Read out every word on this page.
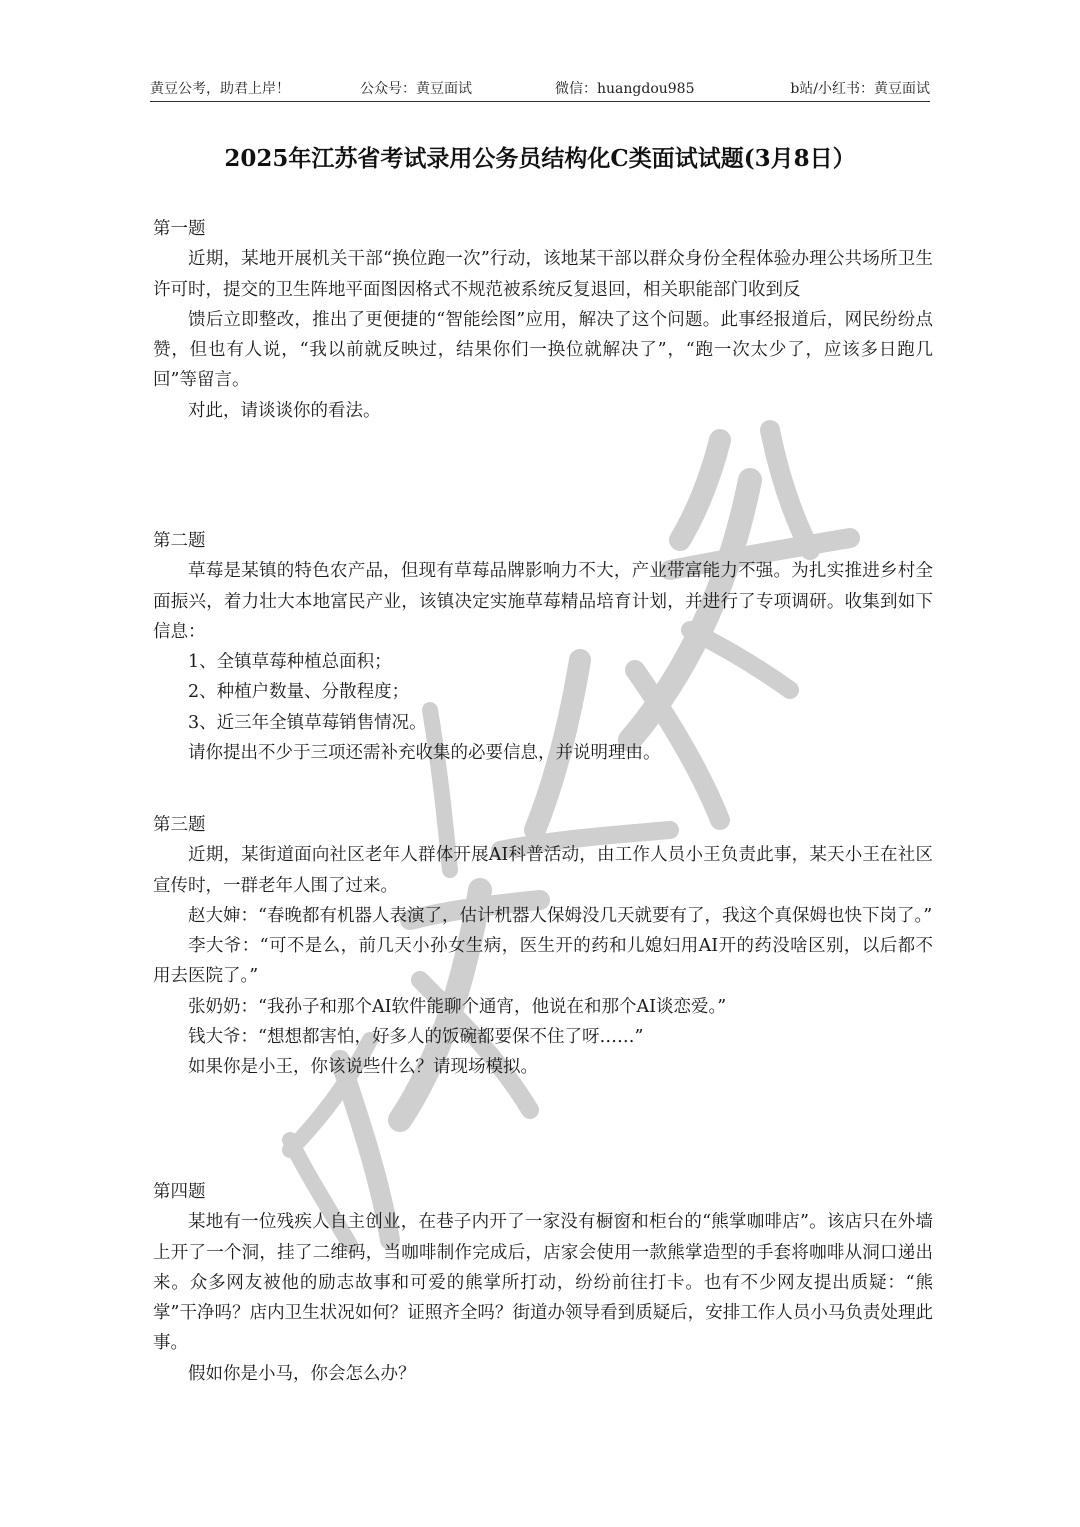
黄豆公考，助君上岸！	公众号：黄豆面试	微信：huangdou985	b站/小红书：黄豆面试
2025年江苏省考试录用公务员结构化C类面试试题(3月8日）
第一题

近期，某地开展机关干部“换位跑一次”行动，该地某干部以群众身份全程体验办理公共场所卫生许可时，提交的卫生阵地平面图因格式不规范被系统反复退回，相关职能部门收到反

馈后立即整改，推出了更便捷的“智能绘图”应用，解决了这个问题。此事经报道后，网民纷纷点赞，但也有人说，“我以前就反映过，结果你们一换位就解决了”，“跑一次太少了，应该多日跑几回”等留言。

对此，请谈谈你的看法。

第二题

草莓是某镇的特色农产品，但现有草莓品牌影响力不大，产业带富能力不强。为扎实推进乡村全面振兴，着力壮大本地富民产业，该镇决定实施草莓精品培育计划，并进行了专项调研。收集到如下信息：

1、全镇草莓种植总面积；

2、种植户数量、分散程度；

3、近三年全镇草莓销售情况。

请你提出不少于三项还需补充收集的必要信息，并说明理由。

第三题

近期，某街道面向社区老年人群体开展AI科普活动，由工作人员小王负责此事，某天小王在社区宣传时，一群老年人围了过来。

赵大婶：“春晚都有机器人表演了，估计机器人保姆没几天就要有了，我这个真保姆也快下岗了。”

李大爷：“可不是么，前几天小孙女生病，医生开的药和儿媳妇用AI开的药没啥区别，以后都不用去医院了。”

张奶奶：“我孙子和那个AI软件能聊个通宵，他说在和那个AI谈恋爱。”

钱大爷：“想想都害怕，好多人的饭碗都要保不住了呀……”

如果你是小王，你该说些什么？请现场模拟。

第四题

某地有一位残疾人自主创业，在巷子内开了一家没有橱窗和柜台的“熊掌咖啡店”。该店只在外墙上开了一个洞，挂了二维码，当咖啡制作完成后，店家会使用一款熊掌造型的手套将咖啡从洞口递出来。众多网友被他的励志故事和可爱的熊掌所打动，纷纷前往打卡。也有不少网友提出质疑：“熊掌”干净吗？店内卫生状况如何？证照齐全吗？街道办领导看到质疑后，安排工作人员小马负责处理此事。

假如你是小马，你会怎么办？
